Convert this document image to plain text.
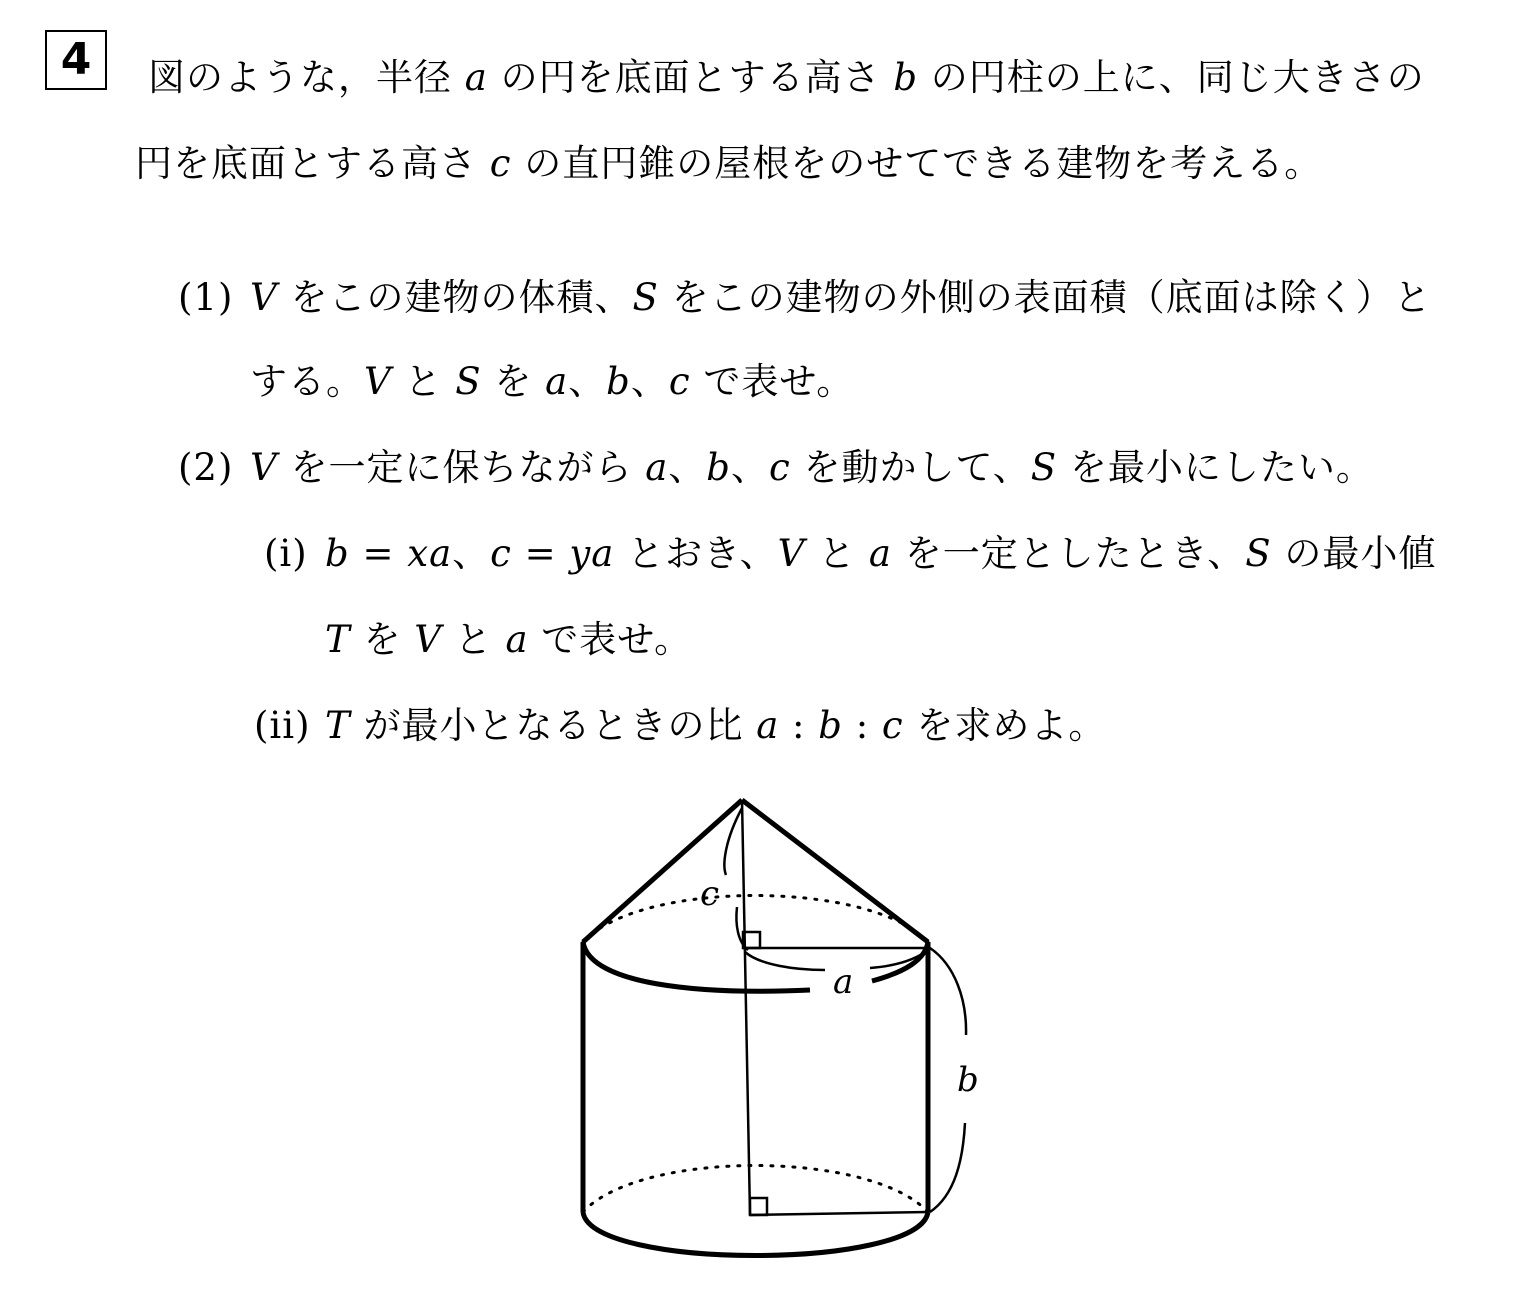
4	図のような，半径 𝑎 の円を底面とする高さ 𝑏 の円柱の上に、同じ大きさの
円を底面とする高さ 𝑐 の直円錐の屋根をのせてできる建物を考える。
(1) 𝑉 をこの建物の体積、𝑆 をこの建物の外側の表面積（底面は除く）と
する。𝑉 と 𝑆 を 𝑎、𝑏、𝑐 で表せ。
(2) 𝑉 を一定に保ちながら 𝑎、𝑏、𝑐 を動かして、𝑆 を最小にしたい。
(i) 𝑏 = 𝑥𝑎、𝑐 = 𝑦𝑎 とおき、𝑉 と 𝑎 を一定としたとき、𝑆 の最小値
𝑇 を 𝑉 と 𝑎 で表せ。
(ii) 𝑇 が最小となるときの比 𝑎 : 𝑏 : 𝑐 を求めよ。
c
a
b
